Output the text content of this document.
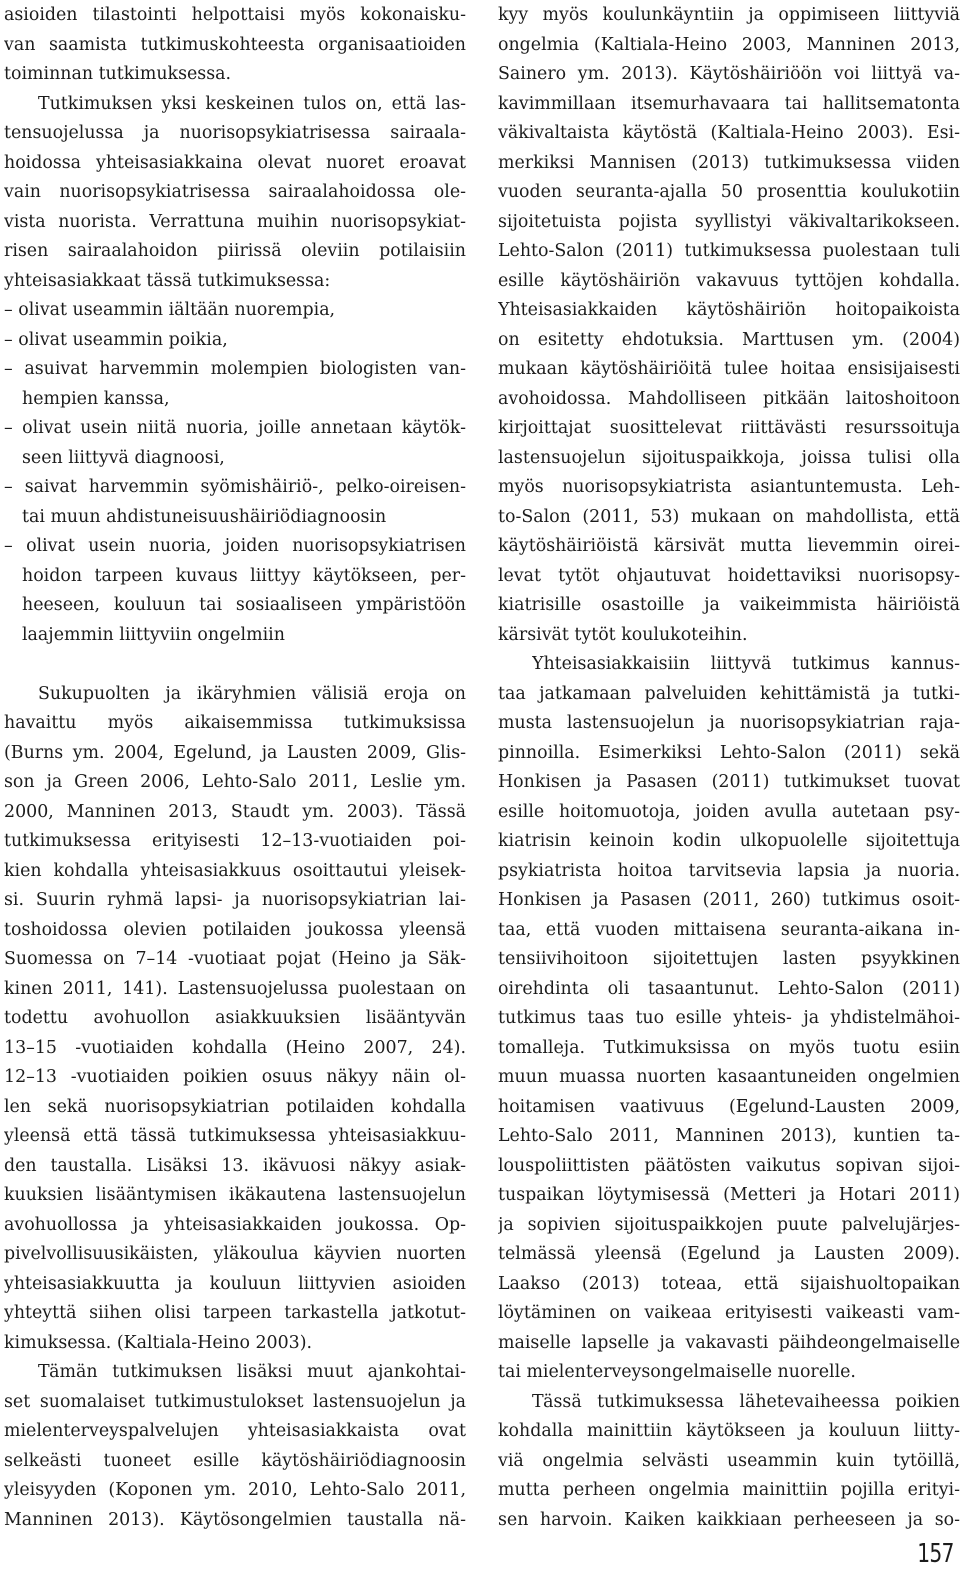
asioiden tilastointi helpottaisi myös kokonaisku-
van saamista tutkimuskohteesta organisaatioiden
toiminnan tutkimuksessa.
Tutkimuksen yksi keskeinen tulos on, että las-
tensuojelussa ja nuorisopsykiatrisessa sairaala-
hoidossa yhteisasiakkaina olevat nuoret eroavat
vain nuorisopsykiatrisessa sairaalahoidossa ole-
vista nuorista. Verrattuna muihin nuorisopsykiat-
risen sairaalahoidon piirissä oleviin potilaisiin
yhteisasiakkaat tässä tutkimuksessa:
– olivat useammin iältään nuorempia,
– olivat useammin poikia,
– asuivat harvemmin molempien biologisten van-
hempien kanssa,
– olivat usein niitä nuoria, joille annetaan käytök-
seen liittyvä diagnoosi,
– saivat harvemmin syömishäiriö-, pelko-oireisen-
tai muun ahdistuneisuushäiriödiagnoosin
– olivat usein nuoria, joiden nuorisopsykiatrisen
hoidon tarpeen kuvaus liittyy käytökseen, per-
heeseen, kouluun tai sosiaaliseen ympäristöön
laajemmin liittyviin ongelmiin
Sukupuolten ja ikäryhmien välisiä eroja on
havaittu myös aikaisemmissa tutkimuksissa
(Burns ym. 2004, Egelund, ja Lausten 2009, Glis-
son ja Green 2006, Lehto-Salo 2011, Leslie ym.
2000, Manninen 2013, Staudt ym. 2003). Tässä
tutkimuksessa erityisesti 12–13-vuotiaiden poi-
kien kohdalla yhteisasiakkuus osoittautui yleisek-
si. Suurin ryhmä lapsi- ja nuorisopsykiatrian lai-
toshoidossa olevien potilaiden joukossa yleensä
Suomessa on 7–14 -vuotiaat pojat (Heino ja Säk-
kinen 2011, 141). Lastensuojelussa puolestaan on
todettu avohuollon asiakkuuksien lisääntyvän
13–15 -vuotiaiden kohdalla (Heino 2007, 24).
12–13 -vuotiaiden poikien osuus näkyy näin ol-
len sekä nuorisopsykiatrian potilaiden kohdalla
yleensä että tässä tutkimuksessa yhteisasiakkuu-
den taustalla. Lisäksi 13. ikävuosi näkyy asiak-
kuuksien lisääntymisen ikäkautena lastensuojelun
avohuollossa ja yhteisasiakkaiden joukossa. Op-
pivelvollisuusikäisten, yläkoulua käyvien nuorten
yhteisasiakkuutta ja kouluun liittyvien asioiden
yhteyttä siihen olisi tarpeen tarkastella jatkotut-
kimuksessa. (Kaltiala-Heino 2003).
Tämän tutkimuksen lisäksi muut ajankohtai-
set suomalaiset tutkimustulokset lastensuojelun ja
mielenterveyspalvelujen yhteisasiakkaista ovat
selkeästi tuoneet esille käytöshäiriödiagnoosin
yleisyyden (Koponen ym. 2010, Lehto-Salo 2011,
Manninen 2013). Käytösongelmien taustalla nä-
kyy myös koulunkäyntiin ja oppimiseen liittyviä
ongelmia (Kaltiala-Heino 2003, Manninen 2013,
Sainero ym. 2013). Käytöshäiriöön voi liittyä va-
kavimmillaan itsemurhavaara tai hallitsematonta
väkivaltaista käytöstä (Kaltiala-Heino 2003). Esi-
merkiksi Mannisen (2013) tutkimuksessa viiden
vuoden seuranta-ajalla 50 prosenttia koulukotiin
sijoitetuista pojista syyllistyi väkivaltarikokseen.
Lehto-Salon (2011) tutkimuksessa puolestaan tuli
esille käytöshäiriön vakavuus tyttöjen kohdalla.
Yhteisasiakkaiden käytöshäiriön hoitopaikoista
on esitetty ehdotuksia. Marttusen ym. (2004)
mukaan käytöshäiriöitä tulee hoitaa ensisijaisesti
avohoidossa. Mahdolliseen pitkään laitoshoitoon
kirjoittajat suosittelevat riittävästi resurssoituja
lastensuojelun sijoituspaikkoja, joissa tulisi olla
myös nuorisopsykiatrista asiantuntemusta. Leh-
to-Salon (2011, 53) mukaan on mahdollista, että
käytöshäiriöistä kärsivät mutta lievemmin oirei-
levat tytöt ohjautuvat hoidettaviksi nuorisopsy-
kiatrisille osastoille ja vaikeimmista häiriöistä
kärsivät tytöt koulukoteihin.
Yhteisasiakkaisiin liittyvä tutkimus kannus-
taa jatkamaan palveluiden kehittämistä ja tutki-
musta lastensuojelun ja nuorisopsykiatrian raja-
pinnoilla. Esimerkiksi Lehto-Salon (2011) sekä
Honkisen ja Pasasen (2011) tutkimukset tuovat
esille hoitomuotoja, joiden avulla autetaan psy-
kiatrisin keinoin kodin ulkopuolelle sijoitettuja
psykiatrista hoitoa tarvitsevia lapsia ja nuoria.
Honkisen ja Pasasen (2011, 260) tutkimus osoit-
taa, että vuoden mittaisena seuranta-aikana in-
tensiivihoitoon sijoitettujen lasten psyykkinen
oirehdinta oli tasaantunut. Lehto-Salon (2011)
tutkimus taas tuo esille yhteis- ja yhdistelmähoi-
tomalleja. Tutkimuksissa on myös tuotu esiin
muun muassa nuorten kasaantuneiden ongelmien
hoitamisen vaativuus (Egelund-Lausten 2009,
Lehto-Salo 2011, Manninen 2013), kuntien ta-
louspoliittisten päätösten vaikutus sopivan sijoi-
tuspaikan löytymisessä (Metteri ja Hotari 2011)
ja sopivien sijoituspaikkojen puute palvelujärjes-
telmässä yleensä (Egelund ja Lausten 2009).
Laakso (2013) toteaa, että sijaishuoltopaikan
löytäminen on vaikeaa erityisesti vaikeasti vam-
maiselle lapselle ja vakavasti päihdeongelmaiselle
tai mielenterveysongelmaiselle nuorelle.
Tässä tutkimuksessa lähetevaiheessa poikien
kohdalla mainittiin käytökseen ja kouluun liitty-
viä ongelmia selvästi useammin kuin tytöillä,
mutta perheen ongelmia mainittiin pojilla erityi-
sen harvoin. Kaiken kaikkiaan perheeseen ja so-
157
